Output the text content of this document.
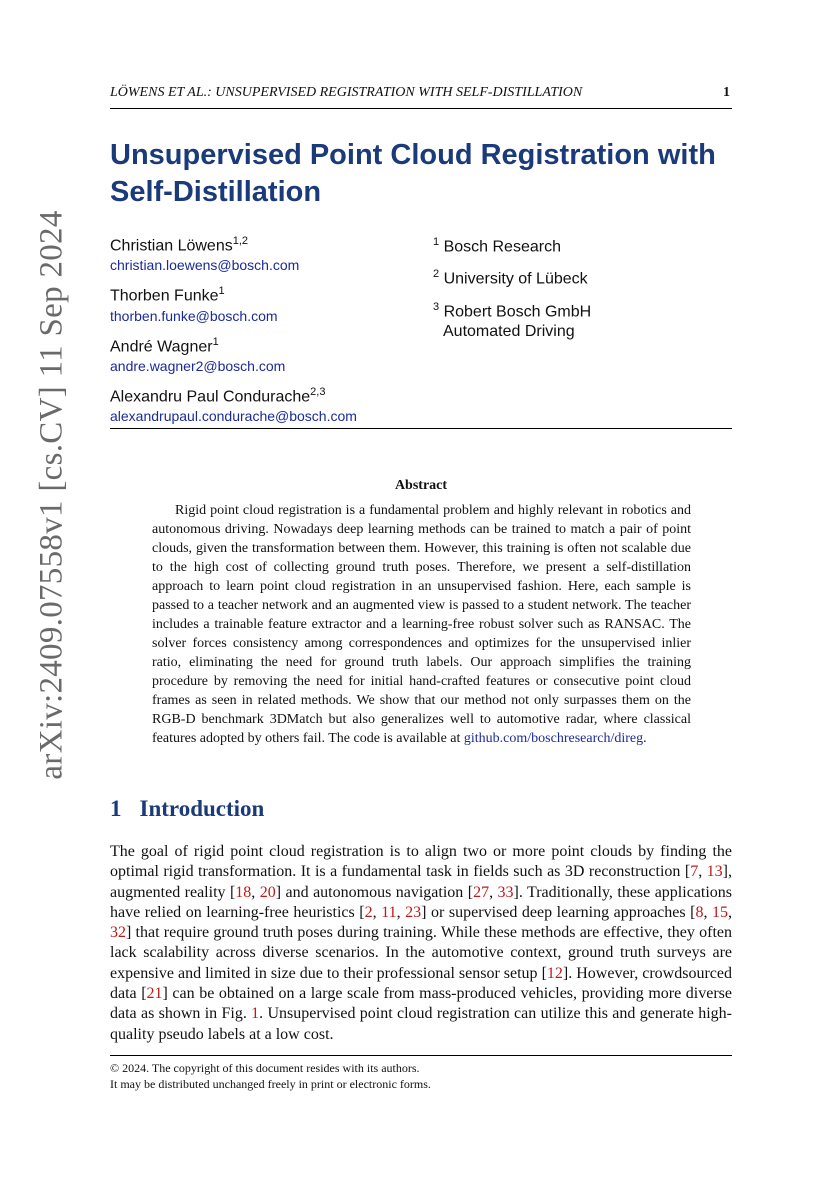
LÖWENS ET AL.: UNSUPERVISED REGISTRATION WITH SELF-DISTILLATION	1
arXiv:2409.07558v1 [cs.CV] 11 Sep 2024
Unsupervised Point Cloud Registration with Self-Distillation
Christian Löwens$^{1,2}$
christian.loewens@bosch.com
Thorben Funke$^1$
thorben.funke@bosch.com
André Wagner$^1$
andre.wagner2@bosch.com
Alexandru Paul Condurache$^{2,3}$
alexandrupaul.condurache@bosch.com
$^1$ Bosch Research
$^2$ University of Lübeck
$^3$ Robert Bosch GmbH
Automated Driving
Abstract

Rigid point cloud registration is a fundamental problem and highly relevant in robotics and autonomous driving. Nowadays deep learning methods can be trained to match a pair of point clouds, given the transformation between them. However, this training is often not scalable due to the high cost of collecting ground truth poses. Therefore, we present a self-distillation approach to learn point cloud registration in an unsupervised fashion. Here, each sample is passed to a teacher network and an augmented view is passed to a student network. The teacher includes a trainable feature extractor and a learning-free robust solver such as RANSAC. The solver forces consistency among correspondences and optimizes for the unsupervised inlier ratio, eliminating the need for ground truth labels. Our approach simplifies the training procedure by removing the need for initial hand-crafted features or consecutive point cloud frames as seen in related methods. We show that our method not only surpasses them on the RGB-D benchmark 3DMatch but also generalizes well to automotive radar, where classical features adopted by others fail. The code is available at github.com/boschresearch/direg.

1 Introduction

The goal of rigid point cloud registration is to align two or more point clouds by finding the optimal rigid transformation. It is a fundamental task in fields such as 3D reconstruction [7, 13], augmented reality [18, 20] and autonomous navigation [27, 33]. Traditionally, these applications have relied on learning-free heuristics [2, 11, 23] or supervised deep learning approaches [8, 15, 32] that require ground truth poses during training. While these methods are effective, they often lack scalability across diverse scenarios. In the automotive context, ground truth surveys are expensive and limited in size due to their professional sensor setup [12]. However, crowdsourced data [21] can be obtained on a large scale from mass-produced vehicles, providing more diverse data as shown in Fig. 1. Unsupervised point cloud registration can utilize this and generate high-quality pseudo labels at a low cost.

© 2024. The copyright of this document resides with its authors.
It may be distributed unchanged freely in print or electronic forms.
